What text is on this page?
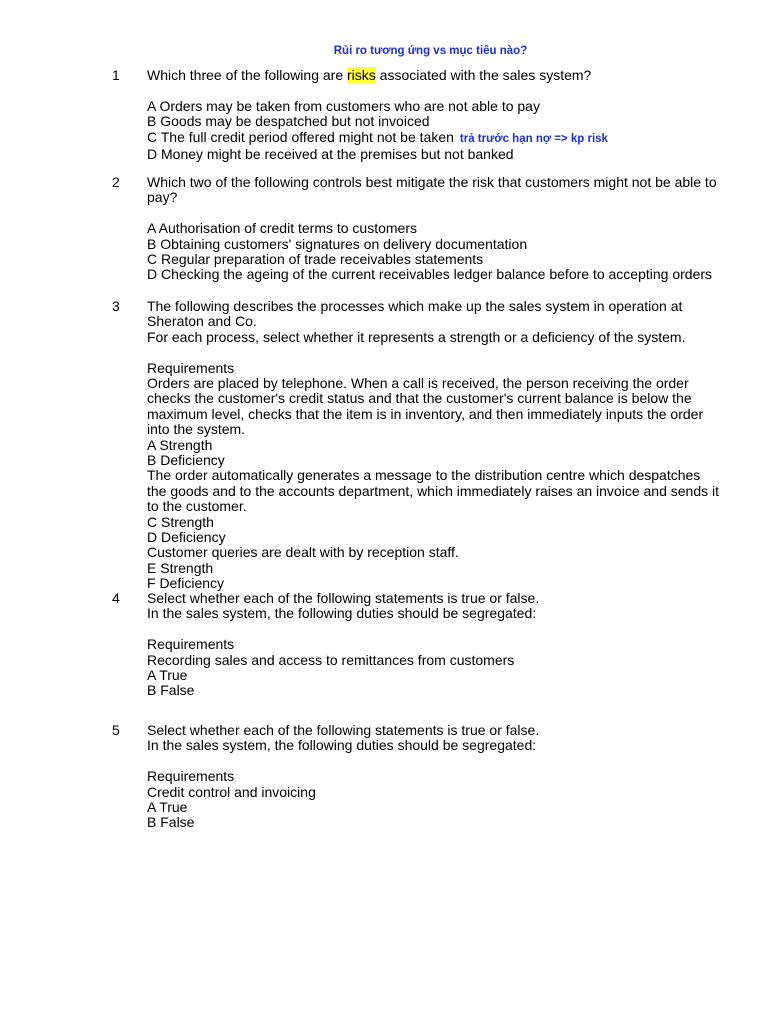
Rủi ro tương ứng vs mục tiêu nào?
1 Which three of the following are risks associated with the sales system?
A Orders may be taken from customers who are not able to pay
B Goods may be despatched but not invoiced
C The full credit period offered might not be taken trả trước hạn nợ => kp risk
D Money might be received at the premises but not banked
2 Which two of the following controls best mitigate the risk that customers might not be able to pay?
A Authorisation of credit terms to customers
B Obtaining customers' signatures on delivery documentation
C Regular preparation of trade receivables statements
D Checking the ageing of the current receivables ledger balance before to accepting orders
3 The following describes the processes which make up the sales system in operation at Sheraton and Co.
For each process, select whether it represents a strength or a deficiency of the system.
Requirements
Orders are placed by telephone. When a call is received, the person receiving the order checks the customer's credit status and that the customer's current balance is below the maximum level, checks that the item is in inventory, and then immediately inputs the order into the system.
A Strength
B Deficiency
The order automatically generates a message to the distribution centre which despatches the goods and to the accounts department, which immediately raises an invoice and sends it to the customer.
C Strength
D Deficiency
Customer queries are dealt with by reception staff.
E Strength
F Deficiency
4 Select whether each of the following statements is true or false.
In the sales system, the following duties should be segregated:
Requirements
Recording sales and access to remittances from customers
A True
B False
5 Select whether each of the following statements is true or false.
In the sales system, the following duties should be segregated:
Requirements
Credit control and invoicing
A True
B False
